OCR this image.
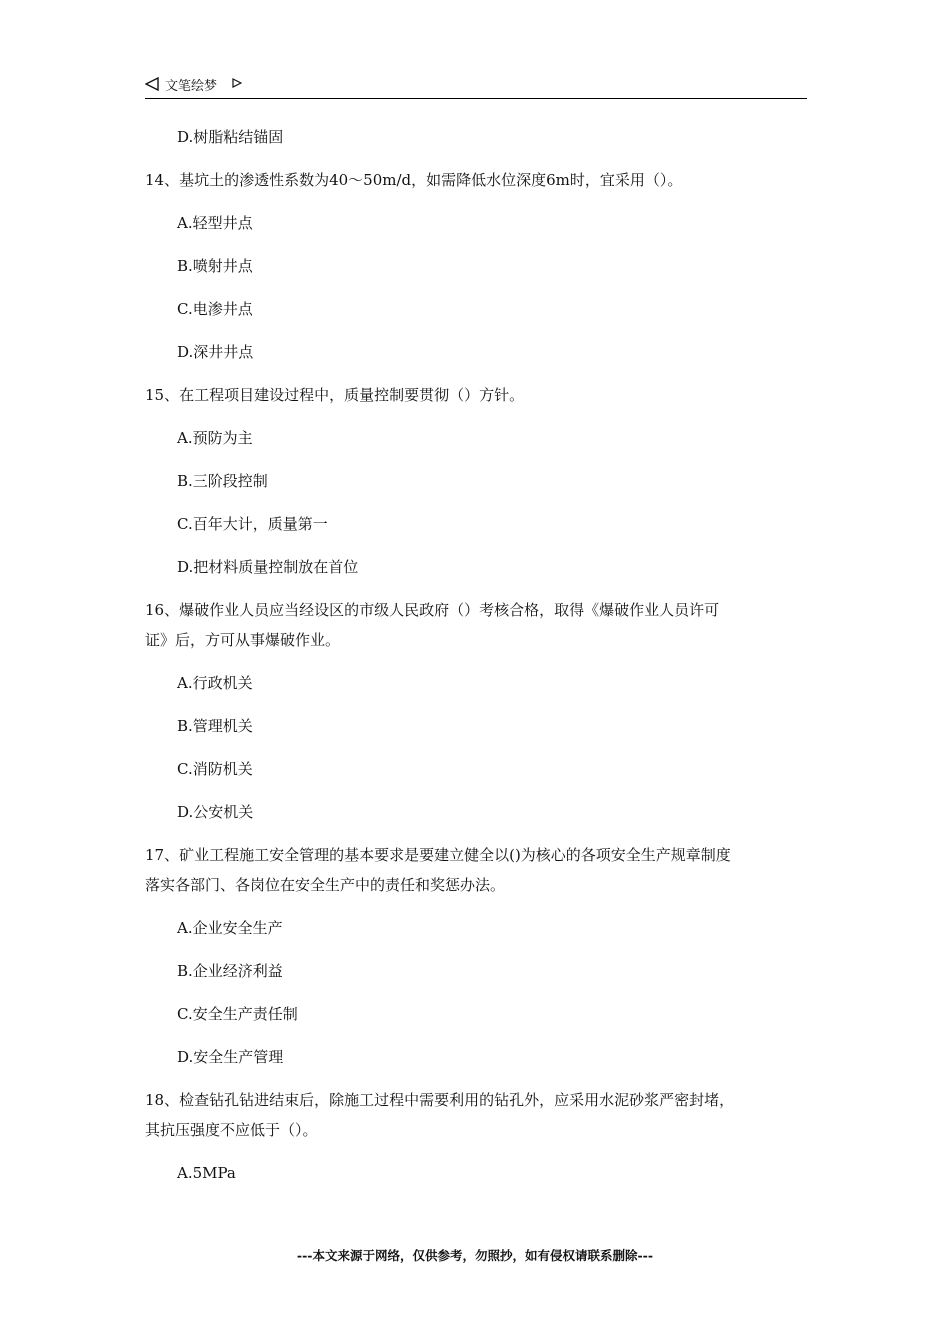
文笔绘梦
D.树脂粘结锚固
14、基坑土的渗透性系数为40～50m/d，如需降低水位深度6m时，宜采用（）。
A.轻型井点
B.喷射井点
C.电渗井点
D.深井井点
15、在工程项目建设过程中，质量控制要贯彻（）方针。
A.预防为主
B.三阶段控制
C.百年大计，质量第一
D.把材料质量控制放在首位
16、爆破作业人员应当经设区的市级人民政府（）考核合格，取得《爆破作业人员许可
证》后，方可从事爆破作业。
A.行政机关
B.管理机关
C.消防机关
D.公安机关
17、矿业工程施工安全管理的基本要求是要建立健全以()为核心的各项安全生产规章制度
落实各部门、各岗位在安全生产中的责任和奖惩办法。
A.企业安全生产
B.企业经济利益
C.安全生产责任制
D.安全生产管理
18、检查钻孔钻进结束后，除施工过程中需要利用的钻孔外，应采用水泥砂浆严密封堵，
其抗压强度不应低于（）。
A.5MPa
---本文来源于网络，仅供参考，勿照抄，如有侵权请联系删除---
